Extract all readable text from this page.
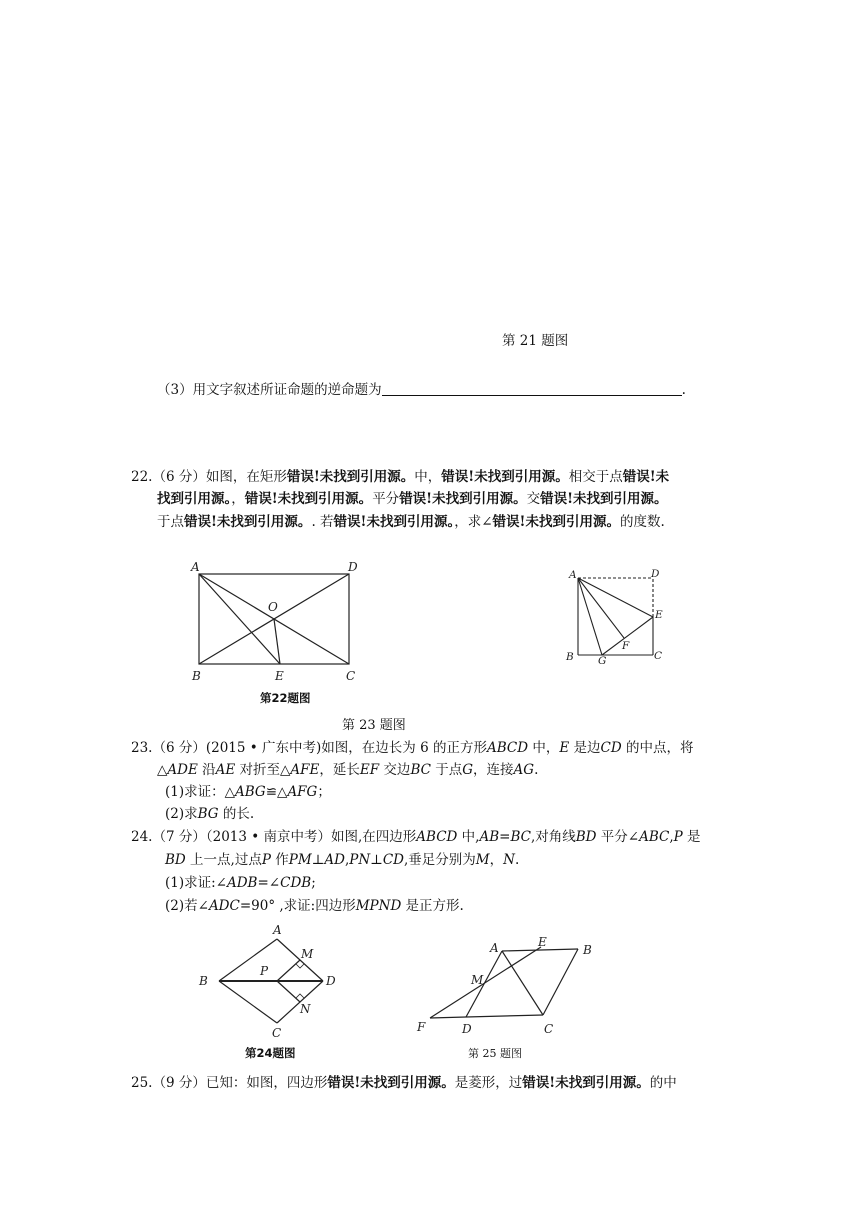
第 21 题图
（3）用文字叙述所证命题的逆命题为	.
22.（6 分）如图，在矩形错误!未找到引用源。中，错误!未找到引用源。相交于点错误!未
找到引用源。，错误!未找到引用源。平分错误!未找到引用源。交错误!未找到引用源。
于点错误!未找到引用源。. 若错误!未找到引用源。，求∠错误!未找到引用源。的度数.
A	D
O
B	E	C
第22题图
A	D
E
F
B G	C
第 23 题图
23.（6 分）(2015 • 广东中考)如图，在边长为 6 的正方形ABCD 中，E 是边CD 的中点，将
△ADE 沿AE 对折至△AFE，延长EF 交边BC 于点G，连接AG.
(1)求证：△ABG≌△AFG；
(2)求BG 的长.
24.（7 分）（2013 • 南京中考）如图,在四边形ABCD 中,AB=BC,对角线BD 平分∠ABC,P 是
BD 上一点,过点P 作PM⊥AD,PN⊥CD,垂足分别为M，N.
(1)求证:∠ADB=∠CDB;
(2)若∠ADC=90° ,求证:四边形MPND 是正方形.
A
M
B
P
D
N
C
第24题图
A	E
B
M
F	D	C
第 25 题图
25.（9 分）已知：如图，四边形错误!未找到引用源。是菱形，过错误!未找到引用源。的中
